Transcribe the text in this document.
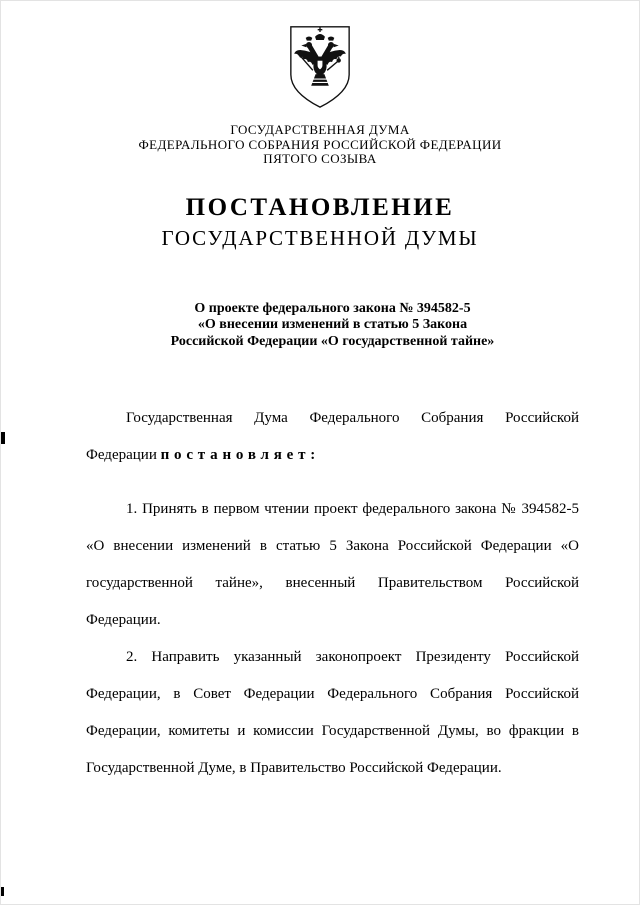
ГОСУДАРСТВЕННАЯ ДУМА
ФЕДЕРАЛЬНОГО СОБРАНИЯ РОССИЙСКОЙ ФЕДЕРАЦИИ
ПЯТОГО СОЗЫВА
ПОСТАНОВЛЕНИЕ
ГОСУДАРСТВЕННОЙ ДУМЫ
О проекте федерального закона № 394582-5
«О внесении изменений в статью 5 Закона
Российской Федерации «О государственной тайне»

Государственная Дума Федерального Собрания Российской Федерации постановляет:

1. Принять в первом чтении проект федерального закона № 394582-5 «О внесении изменений в статью 5 Закона Российской Федерации «О государственной тайне», внесенный Правительством Российской Федерации.

2. Направить указанный законопроект Президенту Российской Федерации, в Совет Федерации Федерального Собрания Российской Федерации, комитеты и комиссии Государственной Думы, во фракции в Государственной Думе, в Правительство Российской Федерации.
